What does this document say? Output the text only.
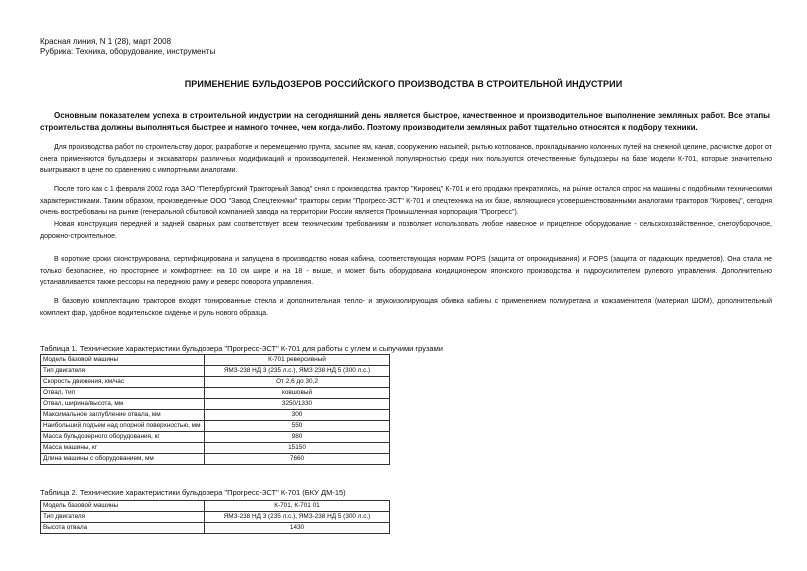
Красная линия, N 1 (28), март 2008
Рубрика: Техника, оборудование, инструменты
ПРИМЕНЕНИЕ БУЛЬДОЗЕРОВ РОССИЙСКОГО ПРОИЗВОДСТВА В СТРОИТЕЛЬНОЙ ИНДУСТРИИ
Основным показателем успеха в строительной индустрии на сегодняшний день является быстрое, качественное и производительное выполнение земляных работ. Все этапы строительства должны выполняться быстрее и намного точнее, чем когда-либо. Поэтому производители земляных работ тщательно относятся к подбору техники.

Для производства работ по строительству дорог, разработке и перемещению грунта, засыпке ям, канав, сооружению насыпей, рытью котлованов, прокладыванию колонных путей на снежной целине, расчистке дорог от снега применяются бульдозеры и экскаваторы различных модификаций и производителей. Неизменной популярностью среди них пользуются отечественные бульдозеры на базе модели К-701, которые значительно выигрывают в цене по сравнению с импортными аналогами.

После того как с 1 февраля 2002 года ЗАО "Петербургский Тракторный Завод" снял с производства трактор "Кировец" К-701 и его продажи прекратились, на рынке остался спрос на машины с подобными техническими характеристиками. Таким образом, произведенные ООО "Завод Спецтехники" тракторы серии "Прогресс-ЗСТ" К-701 и спецтехника на их базе, являющиеся усовершенствованными аналогами тракторов "Кировец", сегодня очень востребованы на рынке (генеральной сбытовой компанией завода на территории России является Промышленная корпорация "Прогресс").

Новая конструкция передней и задней сварных рам соответствует всем техническим требованиям и позволяет использовать любое навесное и прицепное оборудование - сельскохозяйственное, снегоуборочное, дорожно-строительное.

В короткие сроки сконструирована, сертифицирована и запущена в производство новая кабина, соответствующая нормам POPS (защита от опрокидывания) и FOPS (защита от падающих предметов). Она стала не только безопаснее, но просторнее и комфортнее: на 10 см шире и на 18 - выше, и может быть оборудована кондиционером японского производства и гидроусилителем рулевого управления. Дополнительно устанавливается также рессоры на переднюю раму и реверс поворота управления.

В базовую комплектацию тракторов входят тонированные стекла и дополнительная тепло- и звукоизолирующая обивка кабины с применением полиуретана и кожзаменителя (материал ШОМ), дополнительный комплект фар, удобное водительское сиденье и руль нового образца.

Таблица 1. Технические характеристики бульдозера "Прогресс-ЗСТ" К-701 для работы с углем и сыпучими грузами
Модель базовой машины	К-701 реверсивный
Тип двигателя	ЯМЗ-238 НД 3 (235 л.с.), ЯМЗ 238 НД 5 (300 л.с.)
Скорость движения, км/час	От 2,6 до 30,2
Отвал, тип	ковшовый
Отвал, ширина/высота, мм	3250/1330
Максимальное заглубление отвала, мм	300
Наибольший подъем над опорной поверхностью, мм	550
Масса бульдозерного оборудования, кг	980
Масса машины, кг	15150
Длина машины с оборудованием, мм	7660
Таблица 2. Технические характеристики бульдозера "Прогресс-ЗСТ" К-701 (БКУ ДМ-15)
Модель базовой машины	К-701, К-701 01
Тип двигателя	ЯМЗ-238 НД 3 (235 л.с.), ЯМЗ-238 НД 5 (300 л.с.)
Высота отвала	1430
